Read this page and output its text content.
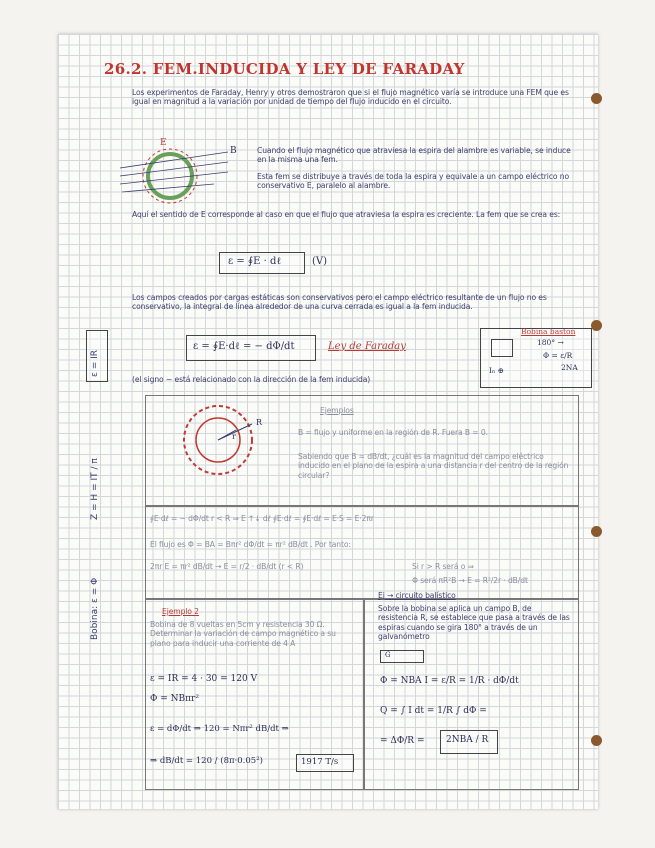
26.2. FEM.INDUCIDA Y LEY DE FARADAY
Los experimentos de Faraday, Henry y otros demostraron que si el flujo magnético varía se introduce una FEM que es igual en magnitud a la variación por unidad de tiempo del flujo inducido en el circuito.
E
B	Cuando el flujo magnético que atraviesa la espira del alambre es variable, se induce en la misma una fem.
Esta fem se distribuye a través de toda la espira y equivale a un campo eléctrico no conservativo E, paralelo al alambre.
Aquí el sentido de E corresponde al caso en que el flujo que atraviesa la espira es creciente. La fem que se crea es:
ε = ∮E · dℓ	(V)
Los campos creados por cargas estáticas son conservativos pero el campo eléctrico resultante de un flujo no es conservativo, la integral de línea alrededor de una curva cerrada es igual a la fem inducida.
ε = ∮E·dℓ = − dΦ/dt	Ley de Faraday
Bobina bastón
180° →
Φ = ε/R
2NA
Iₙ ⊕
(el signo − está relacionado con la dirección de la fem inducida)
ε = IR
Z = H = IT / π
Bobina: ε = Φ
R
r
Ejemplos
B = flujo y uniforme en la región de R. Fuera B = 0.
Sabiendo que B = dB/dt, ¿cuál es la magnitud del campo eléctrico inducido en el plano de la espira a una distancia r del centro de la región circular?
∮E·dℓ = − dΦ/dt r < R ⇒ E ↑↓ dℓ ∮E·dℓ = ∮E·dℓ = E·S = E·2πr
El flujo es Φ = BA = Bπr² dΦ/dt = πr² dB/dt . Por tanto:
2πr E = πr² dB/dt → E = r/2 · dB/dt (r < R)	Si r > R será o ⇒
Φ será πR²B → E = R²/2r · dB/dt
Ejemplo 2
Bobina de 8 vueltas en 5cm y resistencia 30 Ω. Determinar la variación de campo magnético a su plano para inducir una corriente de 4 A
ε = IR = 4 · 30 = 120 V
Φ = NBπr²
ε = dΦ/dt ⇒ 120 = Nπr² dB/dt ⇒
⇒ dB/dt = 120 / (8π·0.05²)	1917 T/s
Ej → circuito balístico
Sobre la bobina se aplica un campo B, de resistencia R, se establece que pasa a través de las espiras cuando se gira 180° a través de un galvanómetro
G
Φ = NBA I = ε/R = 1/R · dΦ/dt
Q = ∫ I dt = 1/R ∫ dΦ =
= ΔΦ/R = 2NBA / R
